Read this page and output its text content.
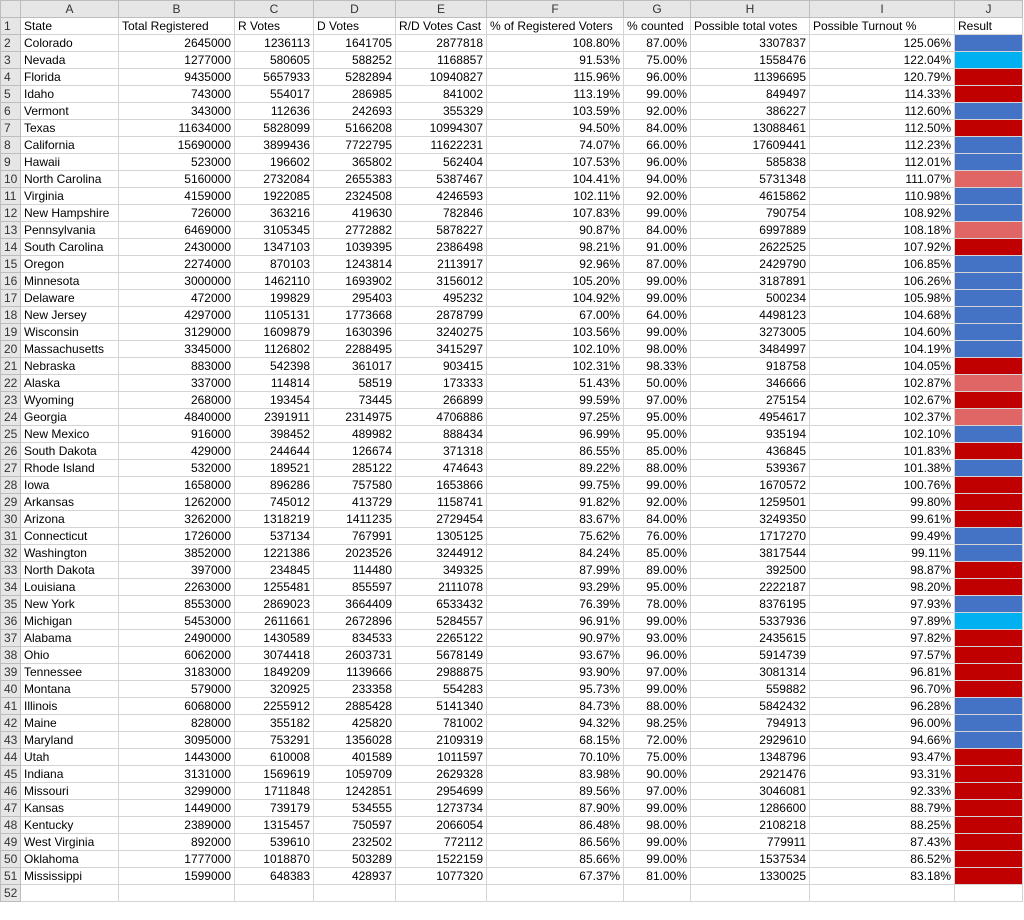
	A	B	C	D	E	F	G	H	I	J
1	State	Total Registered	R Votes	D Votes	R/D Votes Cast	% of Registered Voters	% counted	Possible total votes	Possible Turnout %	Result
2	Colorado	2645000	1236113	1641705	2877818	108.80%	87.00%	3307837	125.06%	
3	Nevada	1277000	580605	588252	1168857	91.53%	75.00%	1558476	122.04%	
4	Florida	9435000	5657933	5282894	10940827	115.96%	96.00%	11396695	120.79%	
5	Idaho	743000	554017	286985	841002	113.19%	99.00%	849497	114.33%	
6	Vermont	343000	112636	242693	355329	103.59%	92.00%	386227	112.60%	
7	Texas	11634000	5828099	5166208	10994307	94.50%	84.00%	13088461	112.50%	
8	California	15690000	3899436	7722795	11622231	74.07%	66.00%	17609441	112.23%	
9	Hawaii	523000	196602	365802	562404	107.53%	96.00%	585838	112.01%	
10	North Carolina	5160000	2732084	2655383	5387467	104.41%	94.00%	5731348	111.07%	
11	Virginia	4159000	1922085	2324508	4246593	102.11%	92.00%	4615862	110.98%	
12	New Hampshire	726000	363216	419630	782846	107.83%	99.00%	790754	108.92%	
13	Pennsylvania	6469000	3105345	2772882	5878227	90.87%	84.00%	6997889	108.18%	
14	South Carolina	2430000	1347103	1039395	2386498	98.21%	91.00%	2622525	107.92%	
15	Oregon	2274000	870103	1243814	2113917	92.96%	87.00%	2429790	106.85%	
16	Minnesota	3000000	1462110	1693902	3156012	105.20%	99.00%	3187891	106.26%	
17	Delaware	472000	199829	295403	495232	104.92%	99.00%	500234	105.98%	
18	New Jersey	4297000	1105131	1773668	2878799	67.00%	64.00%	4498123	104.68%	
19	Wisconsin	3129000	1609879	1630396	3240275	103.56%	99.00%	3273005	104.60%	
20	Massachusetts	3345000	1126802	2288495	3415297	102.10%	98.00%	3484997	104.19%	
21	Nebraska	883000	542398	361017	903415	102.31%	98.33%	918758	104.05%	
22	Alaska	337000	114814	58519	173333	51.43%	50.00%	346666	102.87%	
23	Wyoming	268000	193454	73445	266899	99.59%	97.00%	275154	102.67%	
24	Georgia	4840000	2391911	2314975	4706886	97.25%	95.00%	4954617	102.37%	
25	New Mexico	916000	398452	489982	888434	96.99%	95.00%	935194	102.10%	
26	South Dakota	429000	244644	126674	371318	86.55%	85.00%	436845	101.83%	
27	Rhode Island	532000	189521	285122	474643	89.22%	88.00%	539367	101.38%	
28	Iowa	1658000	896286	757580	1653866	99.75%	99.00%	1670572	100.76%	
29	Arkansas	1262000	745012	413729	1158741	91.82%	92.00%	1259501	99.80%	
30	Arizona	3262000	1318219	1411235	2729454	83.67%	84.00%	3249350	99.61%	
31	Connecticut	1726000	537134	767991	1305125	75.62%	76.00%	1717270	99.49%	
32	Washington	3852000	1221386	2023526	3244912	84.24%	85.00%	3817544	99.11%	
33	North Dakota	397000	234845	114480	349325	87.99%	89.00%	392500	98.87%	
34	Louisiana	2263000	1255481	855597	2111078	93.29%	95.00%	2222187	98.20%	
35	New York	8553000	2869023	3664409	6533432	76.39%	78.00%	8376195	97.93%	
36	Michigan	5453000	2611661	2672896	5284557	96.91%	99.00%	5337936	97.89%	
37	Alabama	2490000	1430589	834533	2265122	90.97%	93.00%	2435615	97.82%	
38	Ohio	6062000	3074418	2603731	5678149	93.67%	96.00%	5914739	97.57%	
39	Tennessee	3183000	1849209	1139666	2988875	93.90%	97.00%	3081314	96.81%	
40	Montana	579000	320925	233358	554283	95.73%	99.00%	559882	96.70%	
41	Illinois	6068000	2255912	2885428	5141340	84.73%	88.00%	5842432	96.28%	
42	Maine	828000	355182	425820	781002	94.32%	98.25%	794913	96.00%	
43	Maryland	3095000	753291	1356028	2109319	68.15%	72.00%	2929610	94.66%	
44	Utah	1443000	610008	401589	1011597	70.10%	75.00%	1348796	93.47%	
45	Indiana	3131000	1569619	1059709	2629328	83.98%	90.00%	2921476	93.31%	
46	Missouri	3299000	1711848	1242851	2954699	89.56%	97.00%	3046081	92.33%	
47	Kansas	1449000	739179	534555	1273734	87.90%	99.00%	1286600	88.79%	
48	Kentucky	2389000	1315457	750597	2066054	86.48%	98.00%	2108218	88.25%	
49	West Virginia	892000	539610	232502	772112	86.56%	99.00%	779911	87.43%	
50	Oklahoma	1777000	1018870	503289	1522159	85.66%	99.00%	1537534	86.52%	
51	Mississippi	1599000	648383	428937	1077320	67.37%	81.00%	1330025	83.18%	
52										
